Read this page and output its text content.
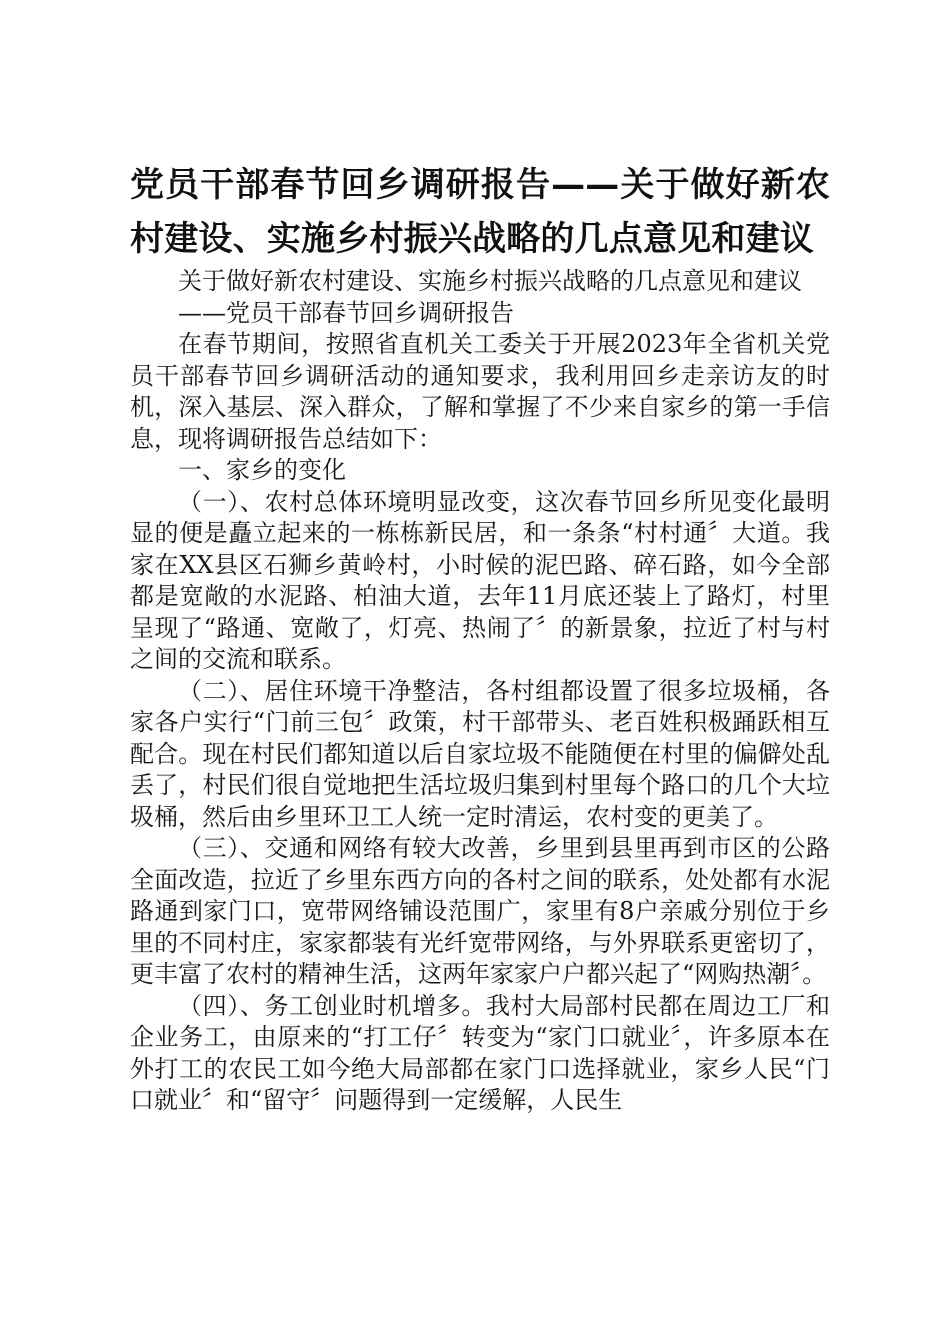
党员干部春节回乡调研报告——关于做好新农村建设、实施乡村振兴战略的几点意见和建议

关于做好新农村建设、实施乡村振兴战略的几点意见和建议

——党员干部春节回乡调研报告

在春节期间，按照省直机关工委关于开展2023年全省机关党员干部春节回乡调研活动的通知要求，我利用回乡走亲访友的时机，深入基层、深入群众，了解和掌握了不少来自家乡的第一手信息，现将调研报告总结如下：

一、家乡的变化

（一）、农村总体环境明显改变，这次春节回乡所见变化最明显的便是矗立起来的一栋栋新民居，和一条条“村村通〞大道。我家在XX县区石狮乡黄岭村，小时候的泥巴路、碎石路，如今全部都是宽敞的水泥路、柏油大道，去年11月底还装上了路灯，村里呈现了“路通、宽敞了，灯亮、热闹了〞的新景象，拉近了村与村之间的交流和联系。

（二）、居住环境干净整洁，各村组都设置了很多垃圾桶，各家各户实行“门前三包〞政策，村干部带头、老百姓积极踊跃相互配合。现在村民们都知道以后自家垃圾不能随便在村里的偏僻处乱丢了，村民们很自觉地把生活垃圾归集到村里每个路口的几个大垃圾桶，然后由乡里环卫工人统一定时清运，农村变的更美了。

（三）、交通和网络有较大改善，乡里到县里再到市区的公路全面改造，拉近了乡里东西方向的各村之间的联系，处处都有水泥路通到家门口，宽带网络铺设范围广，家里有8户亲戚分别位于乡里的不同村庄，家家都装有光纤宽带网络，与外界联系更密切了，更丰富了农村的精神生活，这两年家家户户都兴起了“网购热潮〞。

（四）、务工创业时机增多。我村大局部村民都在周边工厂和企业务工，由原来的“打工仔〞转变为“家门口就业〞，许多原本在外打工的农民工如今绝大局部都在家门口选择就业，家乡人民“门口就业〞和“留守〞问题得到一定缓解，人民生
